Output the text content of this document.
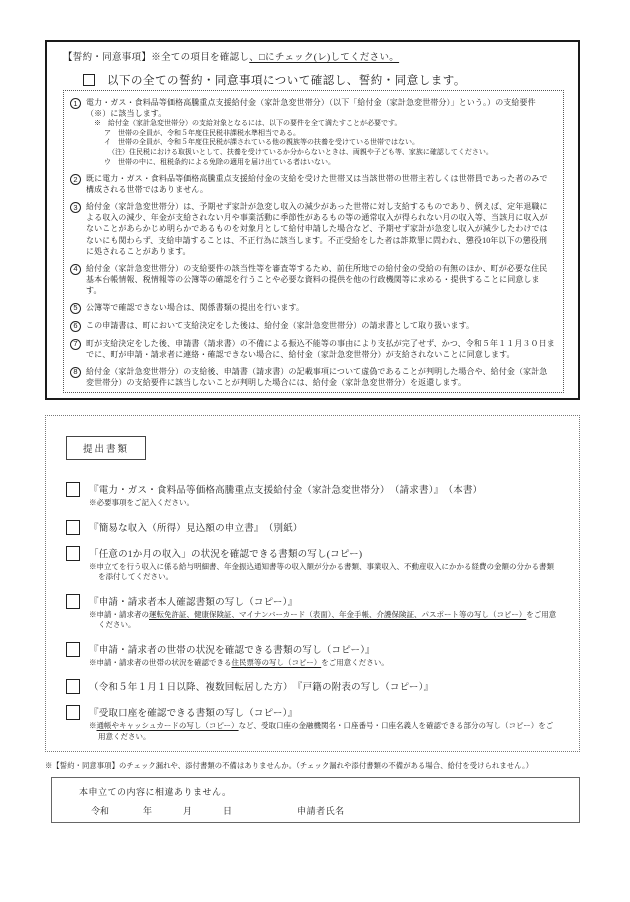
【誓約・同意事項】※全ての項目を確認し、□にチェック(レ)してください。
以下の全ての誓約・同意事項について確認し、誓約・同意します。
1	電力・ガス・食料品等価格高騰重点支援給付金（家計急変世帯分）（以下「給付金（家計急変世帯分）」という。）の支給要件（※）に該当します。
※　給付金（家計急変世帯分）の支給対象となるには、以下の要件を全て満たすことが必要です。
ア　世帯の全員が、令和５年度住民税非課税水準相当である。
イ　世帯の全員が、令和５年度住民税が課されている他の親族等の扶養を受けている世帯ではない。
（注）住民税における取扱いとして、扶養を受けているか分からないときは、両親や子ども等、家族に確認してください。
ウ　世帯の中に、租税条約による免除の適用を届け出ている者はいない。
2	既に電力・ガス・食料品等価格高騰重点支援給付金の支給を受けた世帯又は当該世帯の世帯主若しくは世帯員であった者のみで構成される世帯ではありません。
3	給付金（家計急変世帯分）は、予期せず家計が急変し収入の減少があった世帯に対し支給するものであり、例えば、定年退職による収入の減少、年金が支給されない月や事業活動に季節性があるもの等の通常収入が得られない月の収入等、当該月に収入がないことがあらかじめ明らかであるものを対象月として給付申請した場合など、予期せず家計が急変し収入が減少したわけではないにも関わらず、支給申請することは、不正行為に該当します。不正受給をした者は詐欺罪に問われ、懲役10年以下の懲役刑に処されることがあります。
4	給付金（家計急変世帯分）の支給要件の該当性等を審査等するため、前住所地での給付金の受給の有無のほか、町が必要な住民基本台帳情報、税情報等の公簿等の確認を行うことや必要な資料の提供を他の行政機関等に求める・提供することに同意します。
5	公簿等で確認できない場合は、関係書類の提出を行います。
6	この申請書は、町において支給決定をした後は、給付金（家計急変世帯分）の請求書として取り扱います。
7	町が支給決定をした後、申請書（請求書）の不備による振込不能等の事由により支払が完了せず、かつ、令和５年１１月３０日までに、町が申請・請求者に連絡・確認できない場合に、給付金（家計急変世帯分）が支給されないことに同意します。
8	給付金（家計急変世帯分）の支給後、申請書（請求書）の記載事項について虚偽であることが判明した場合や、給付金（家計急変世帯分）の支給要件に該当しないことが判明した場合には、給付金（家計急変世帯分）を返還します。
提出書類
『電力・ガス・食料品等価格高騰重点支援給付金（家計急変世帯分）　（請求書）』　（本書）
※必要事項をご記入ください。
『簡易な収入（所得）見込額の申立書』　（別紙）
「任意の1か月の収入」の状況を確認できる書類の写し(コピー)
※申立てを行う収入に係る給与明細書、年金振込通知書等の収入額が分かる書類、事業収入、不動産収入にかかる経費の金額の分かる書類を添付してください。
『申請・請求者本人確認書類の写し（コピー）』
※申請・請求者の運転免許証、健康保険証、マイナンバーカード（表面）、年金手帳、介護保険証、パスポート等の写し（コピー）をご用意ください。
『申請・請求者の世帯の状況を確認できる書類の写し（コピー）』
※申請・請求者の世帯の状況を確認できる住民票等の写し（コピー）をご用意ください。
（令和５年１月１日以降、複数回転居した方）　『戸籍の附表の写し（コピー）』
『受取口座を確認できる書類の写し（コピー）』
※通帳やキャッシュカードの写し（コピー）など、受取口座の金融機関名・口座番号・口座名義人を確認できる部分の写し（コピー）をご用意ください。
※【誓約・同意事項】のチェック漏れや、添付書類の不備はありませんか。（チェック漏れや添付書類の不備がある場合、給付を受けられません。）
本申立ての内容に相違ありません。
令和	年	月	日	申請者氏名
